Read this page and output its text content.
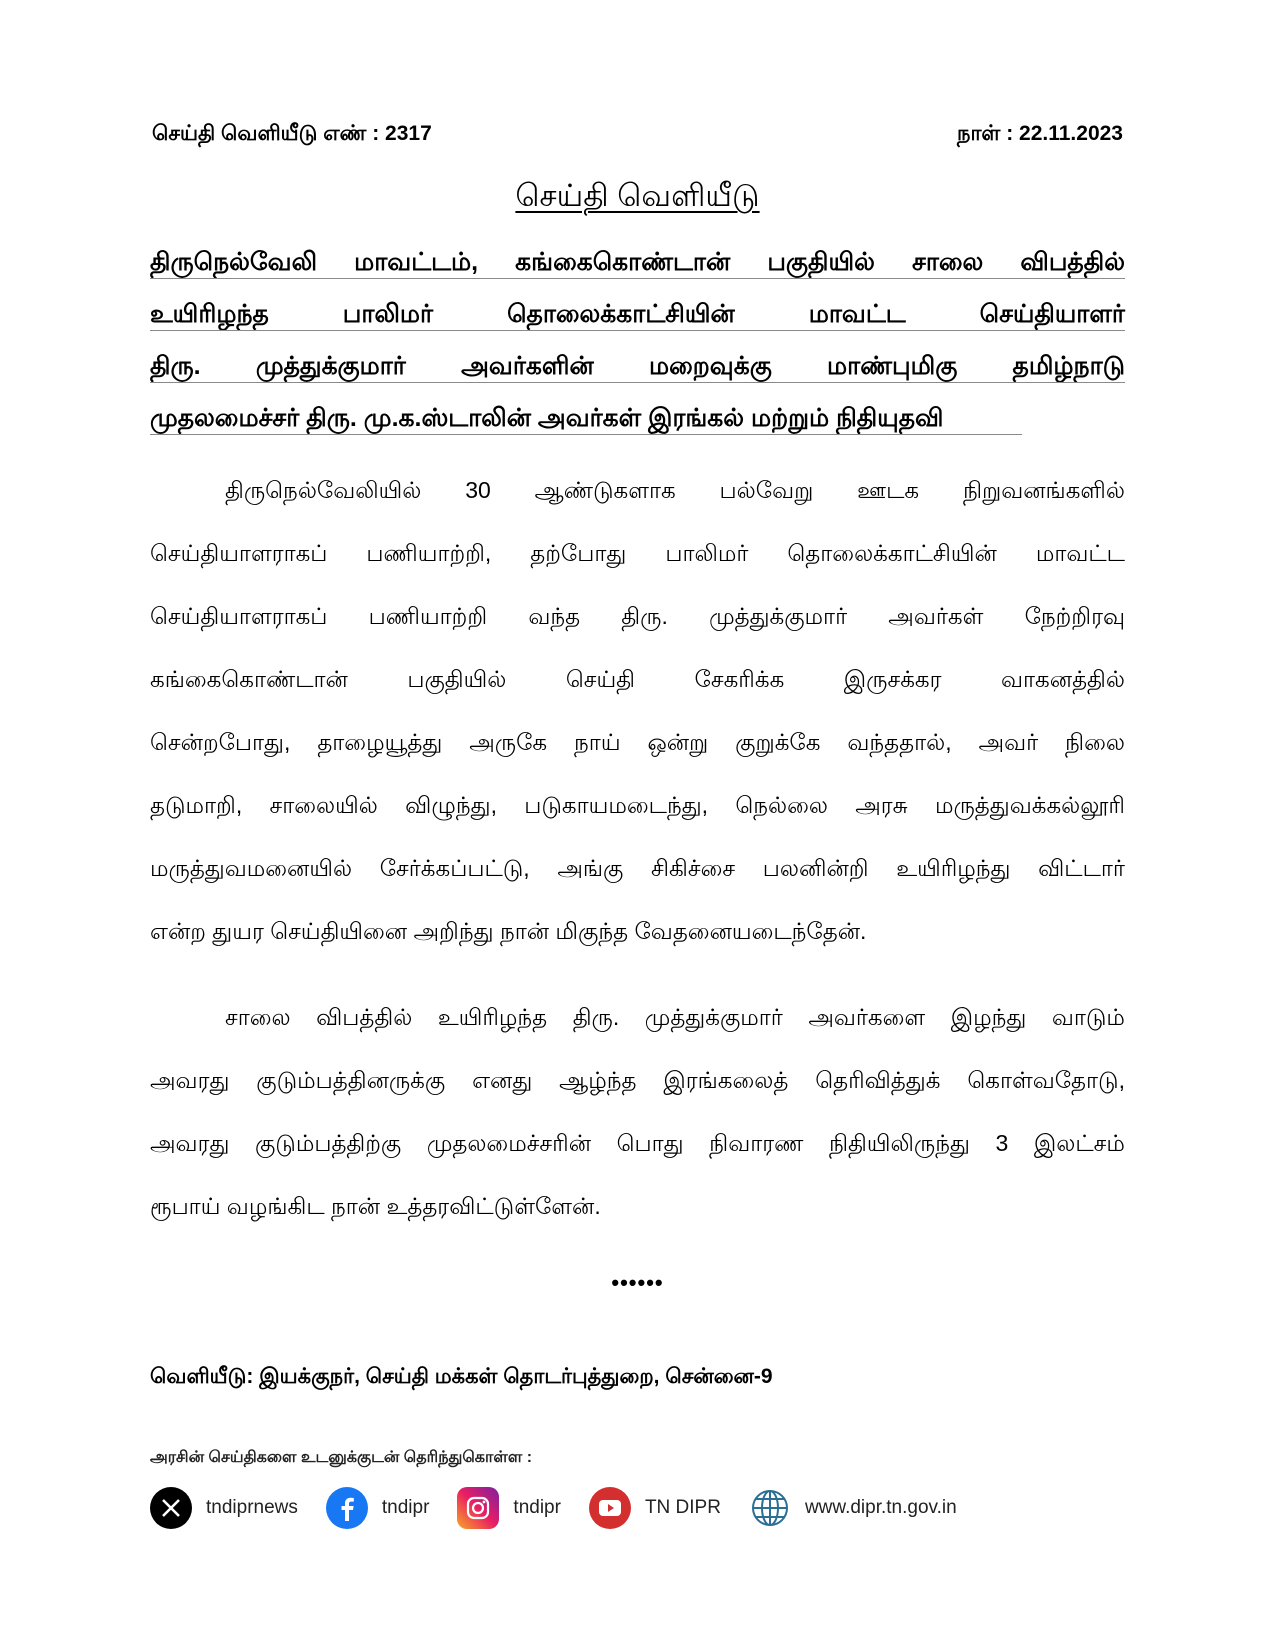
செய்தி வெளியீடு எண் : 2317	நாள் : 22.11.2023
செய்தி வெளியீடு
திருநெல்வேலி மாவட்டம், கங்கைகொண்டான் பகுதியில் சாலை விபத்தில்
உயிரிழந்த	பாலிமர்	தொலைக்காட்சியின்	மாவட்ட	செய்தியாளர்
திரு. முத்துக்குமார் அவர்களின் மறைவுக்கு மாண்புமிகு தமிழ்நாடு
முதலமைச்சர் திரு. மு.க.ஸ்டாலின் அவர்கள் இரங்கல் மற்றும் நிதியுதவி
திருநெல்வேலியில் 30 ஆண்டுகளாக பல்வேறு ஊடக நிறுவனங்களில்
செய்தியாளராகப் பணியாற்றி, தற்போது பாலிமர் தொலைக்காட்சியின் மாவட்ட
செய்தியாளராகப் பணியாற்றி வந்த திரு. முத்துக்குமார் அவர்கள் நேற்றிரவு
கங்கைகொண்டான்	பகுதியில்	செய்தி	சேகரிக்க	இருசக்கர	வாகனத்தில்
சென்றபோது, தாழையூத்து அருகே நாய் ஒன்று குறுக்கே வந்ததால், அவர் நிலை
தடுமாறி, சாலையில் விழுந்து, படுகாயமடைந்து, நெல்லை அரசு மருத்துவக்கல்லூரி
மருத்துவமனையில் சேர்க்கப்பட்டு, அங்கு சிகிச்சை பலனின்றி உயிரிழந்து விட்டார்
என்ற துயர செய்தியினை அறிந்து நான் மிகுந்த வேதனையடைந்தேன்.
சாலை விபத்தில் உயிரிழந்த திரு. முத்துக்குமார் அவர்களை இழந்து வாடும்
அவரது குடும்பத்தினருக்கு எனது ஆழ்ந்த இரங்கலைத் தெரிவித்துக் கொள்வதோடு,
அவரது குடும்பத்திற்கு முதலமைச்சரின் பொது நிவாரண நிதியிலிருந்து 3 இலட்சம்
ரூபாய் வழங்கிட நான் உத்தரவிட்டுள்ளேன்.
••••••
வெளியீடு: இயக்குநர், செய்தி மக்கள் தொடர்புத்துறை, சென்னை-9
அரசின் செய்திகளை உடனுக்குடன் தெரிந்துகொள்ள :
tndiprnews	tndipr	tndipr	TN DIPR	www.dipr.tn.gov.in
